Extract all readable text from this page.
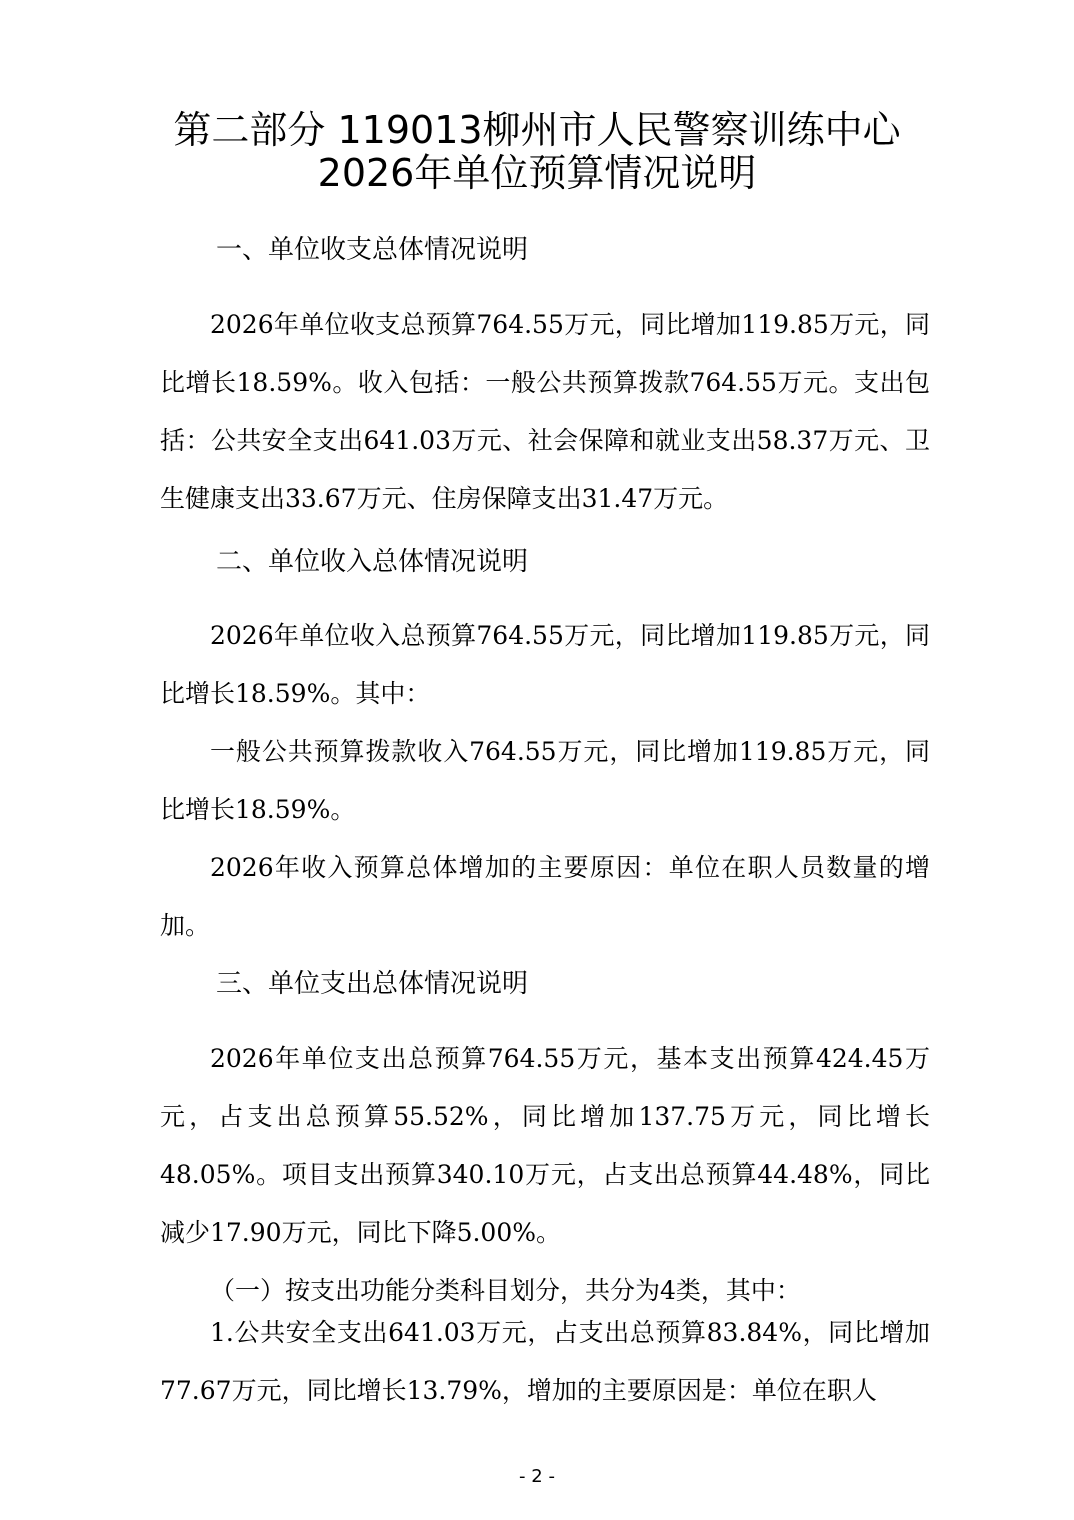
第二部分 119013柳州市人民警察训练中心
2026年单位预算情况说明
一、单位收支总体情况说明
2026年单位收支总预算764.55万元，同比增加119.85万元，同比增长18.59%。收入包括：一般公共预算拨款764.55万元。支出包括：公共安全支出641.03万元、社会保障和就业支出58.37万元、卫生健康支出33.67万元、住房保障支出31.47万元。
二、单位收入总体情况说明
2026年单位收入总预算764.55万元，同比增加119.85万元，同比增长18.59%。其中：
一般公共预算拨款收入764.55万元，同比增加119.85万元，同比增长18.59%。
2026年收入预算总体增加的主要原因：单位在职人员数量的增加。
三、单位支出总体情况说明
2026年单位支出总预算764.55万元，基本支出预算424.45万元，占支出总预算55.52%，同比增加137.75万元，同比增长48.05%。项目支出预算340.10万元，占支出总预算44.48%，同比减少17.90万元，同比下降5.00%。
（一）按支出功能分类科目划分，共分为4类，其中：
1.公共安全支出641.03万元，占支出总预算83.84%，同比增加77.67万元，同比增长13.79%，增加的主要原因是：单位在职人
- 2 -
